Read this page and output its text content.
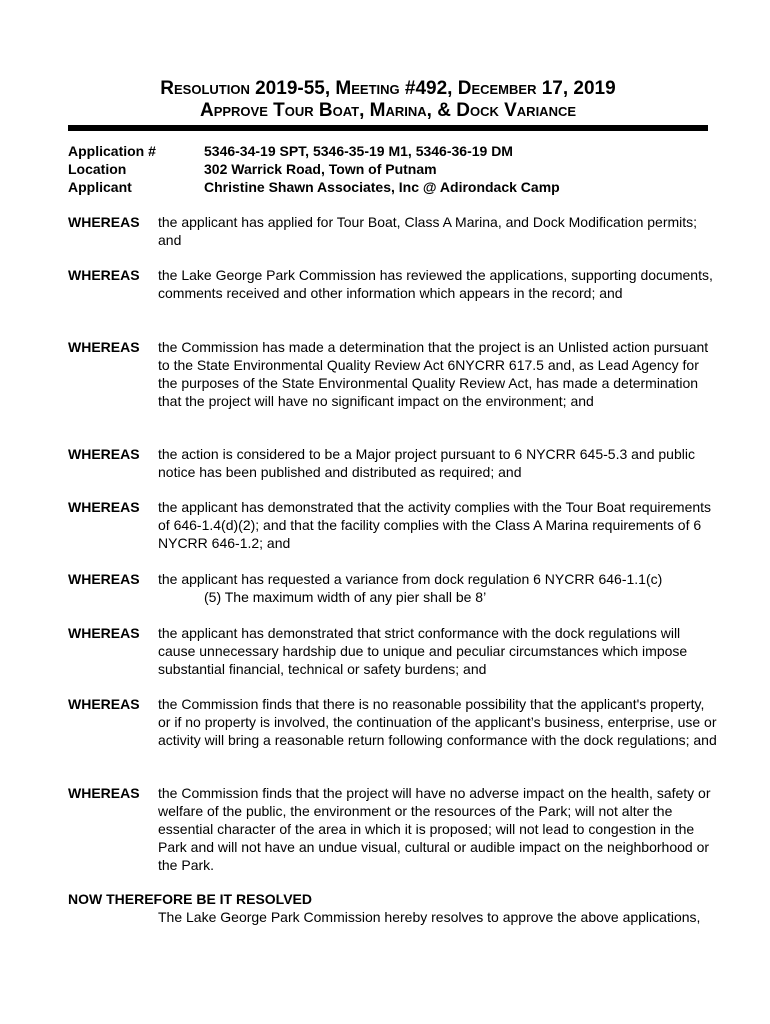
Resolution 2019-55, Meeting #492, December 17, 2019
Approve Tour Boat, Marina, & Dock Variance
Application #	5346-34-19 SPT, 5346-35-19 M1, 5346-36-19 DM
Location	302 Warrick Road, Town of Putnam
Applicant	Christine Shawn Associates, Inc @ Adirondack Camp
WHEREAS the applicant has applied for Tour Boat, Class A Marina, and Dock Modification permits; and
WHEREAS the Lake George Park Commission has reviewed the applications, supporting documents, comments received and other information which appears in the record; and
WHEREAS the Commission has made a determination that the project is an Unlisted action pursuant to the State Environmental Quality Review Act 6NYCRR 617.5 and, as Lead Agency for the purposes of the State Environmental Quality Review Act, has made a determination that the project will have no significant impact on the environment; and
WHEREAS the action is considered to be a Major project pursuant to 6 NYCRR 645-5.3 and public notice has been published and distributed as required; and
WHEREAS the applicant has demonstrated that the activity complies with the Tour Boat requirements of 646-1.4(d)(2); and that the facility complies with the Class A Marina requirements of 6 NYCRR 646-1.2; and
WHEREAS the applicant has requested a variance from dock regulation 6 NYCRR 646-1.1(c)
(5) The maximum width of any pier shall be 8’
WHEREAS the applicant has demonstrated that strict conformance with the dock regulations will cause unnecessary hardship due to unique and peculiar circumstances which impose substantial financial, technical or safety burdens; and
WHEREAS the Commission finds that there is no reasonable possibility that the applicant's property, or if no property is involved, the continuation of the applicant’s business, enterprise, use or activity will bring a reasonable return following conformance with the dock regulations; and
WHEREAS the Commission finds that the project will have no adverse impact on the health, safety or welfare of the public, the environment or the resources of the Park; will not alter the essential character of the area in which it is proposed; will not lead to congestion in the Park and will not have an undue visual, cultural or audible impact on the neighborhood or the Park.
NOW THEREFORE BE IT RESOLVED
The Lake George Park Commission hereby resolves to approve the above applications,
